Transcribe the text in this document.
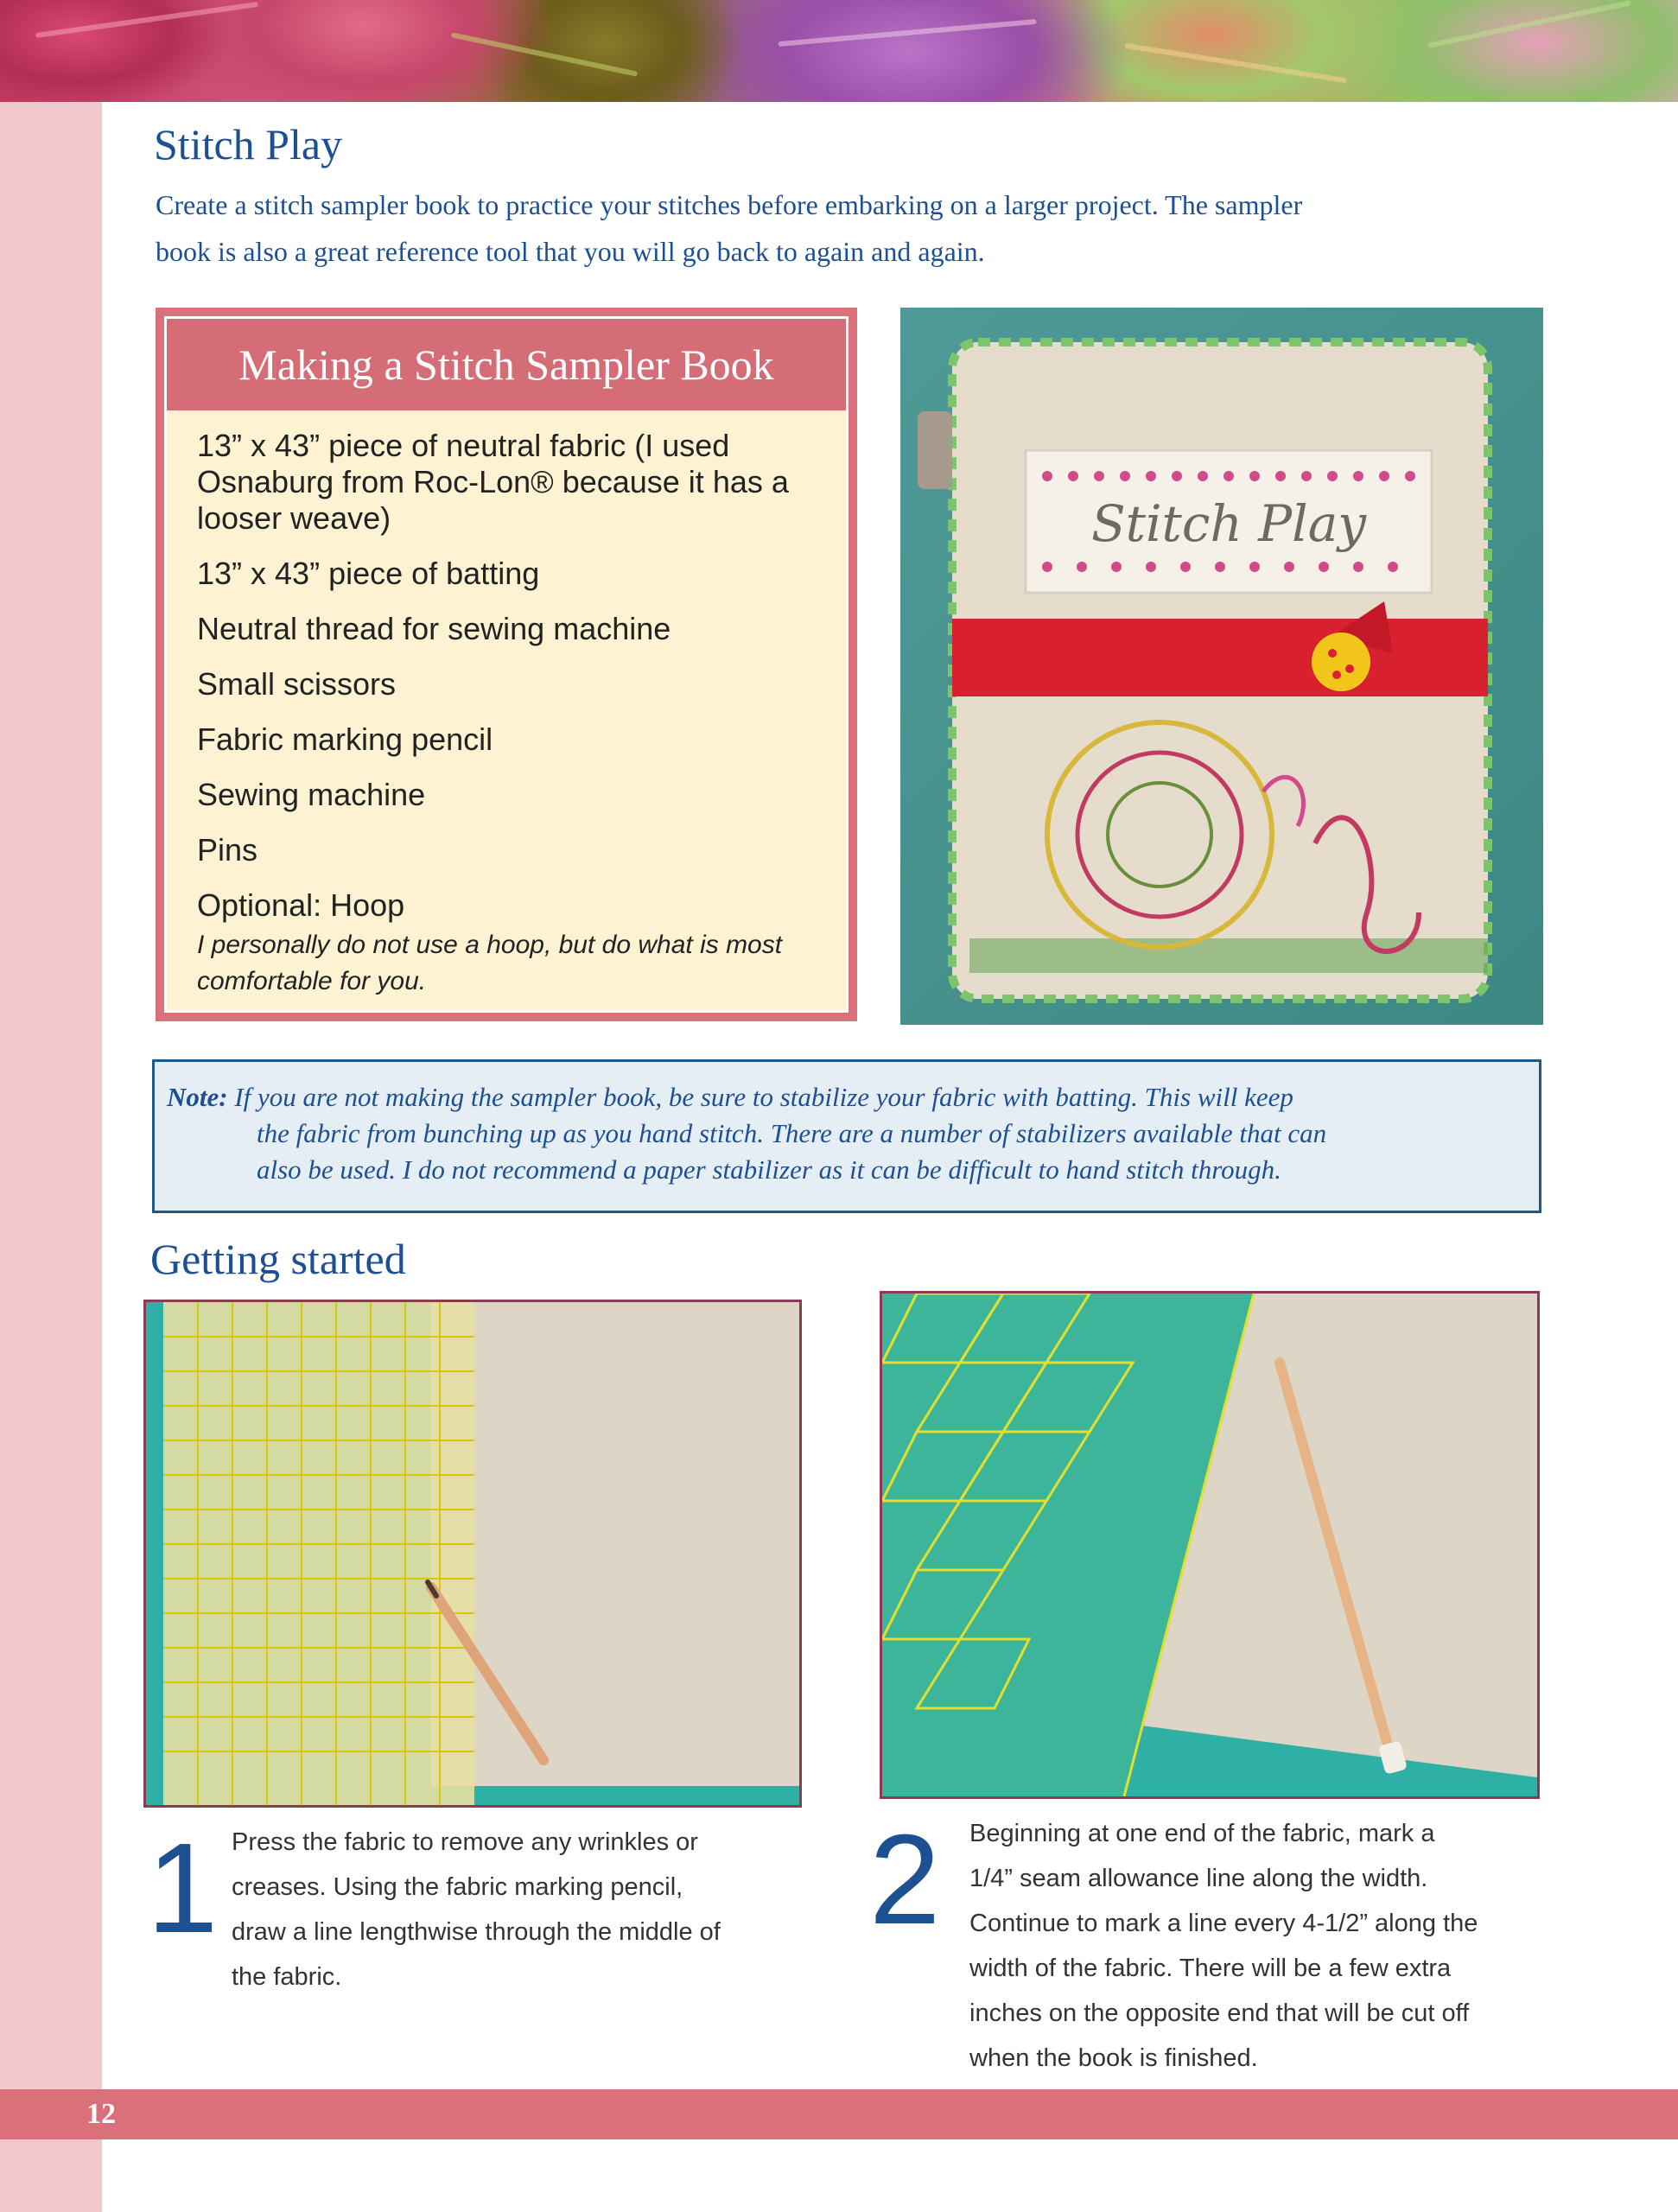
Stitch Play
Create a stitch sampler book to practice your stitches before embarking on a larger project. The sampler
book is also a great reference tool that you will go back to again and again.
Making a Stitch Sampler Book
13” x 43” piece of neutral fabric (I used Osnaburg from Roc-Lon® because it has a looser weave)
13” x 43” piece of batting
Neutral thread for sewing machine
Small scissors
Fabric marking pencil
Sewing machine
Pins
Optional: Hoop
I personally do not use a hoop, but do what is most comfortable for you.
Stitch Play
Note: If you are not making the sampler book, be sure to stabilize your fabric with batting. This will keep
the fabric from bunching up as you hand stitch. There are a number of stabilizers available that can
also be used. I do not recommend a paper stabilizer as it can be difficult to hand stitch through.
Getting started
1 Press the fabric to remove any wrinkles or
creases. Using the fabric marking pencil,
draw a line lengthwise through the middle of
the fabric.
2 Beginning at one end of the fabric, mark a
1/4” seam allowance line along the width.
Continue to mark a line every 4-1/2” along the
width of the fabric. There will be a few extra
inches on the opposite end that will be cut off
when the book is finished.
12
